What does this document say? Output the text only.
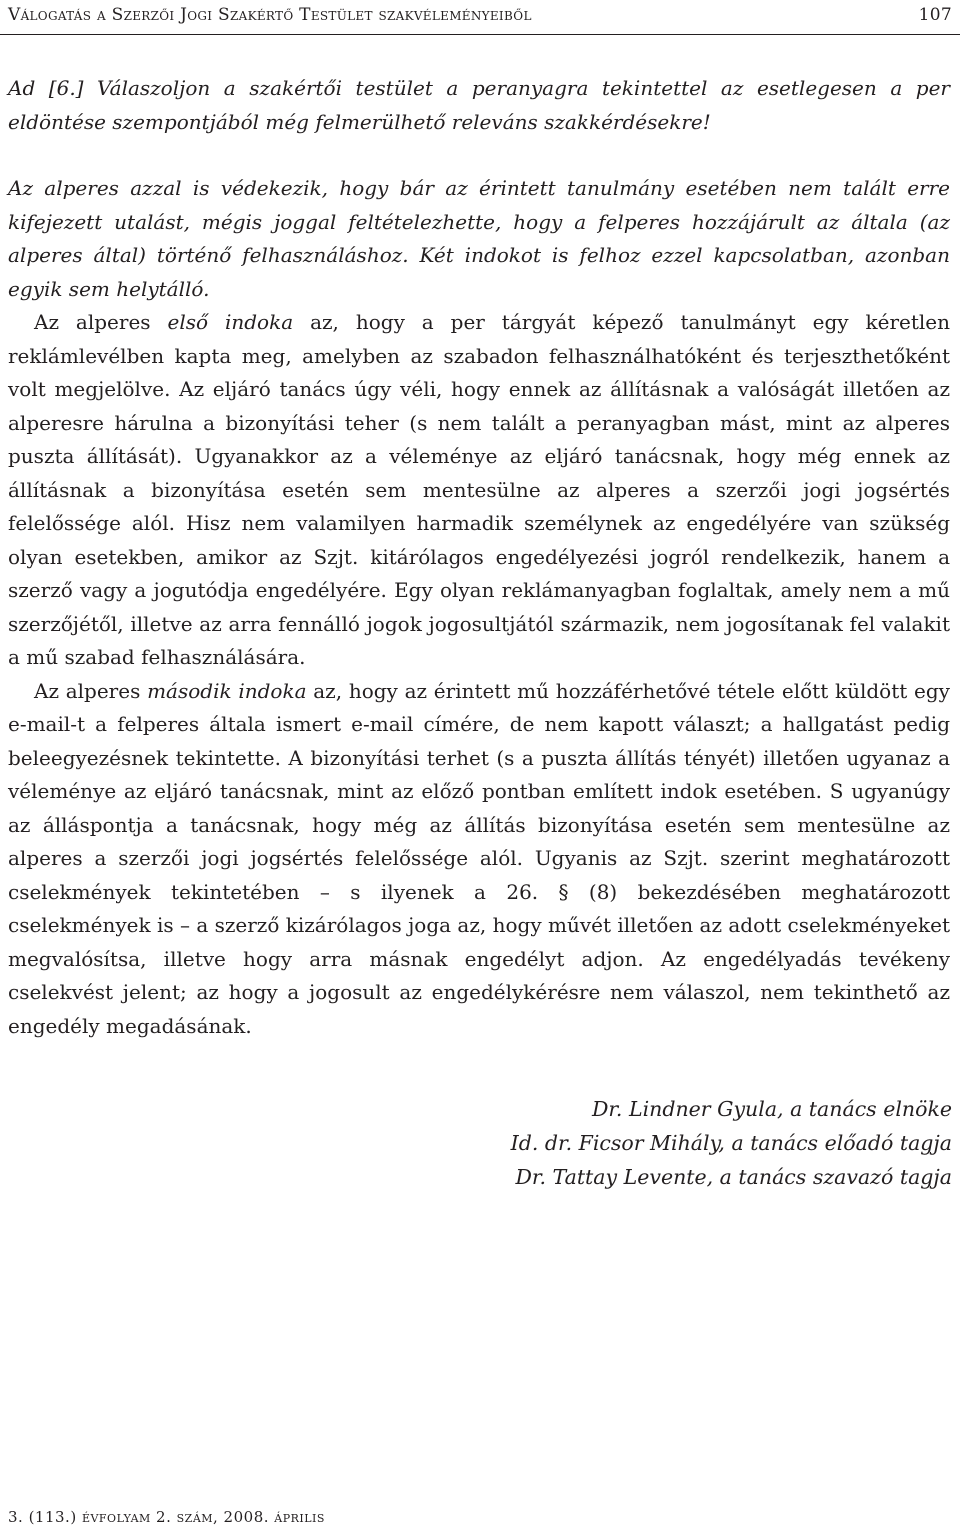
Válogatás a Szerzői Jogi Szakértő Testület szakvéleményeiből	107

Ad [6.] Válaszoljon a szakértői testület a peranyagra tekintettel az esetlegesen a per eldöntése szempontjából még felmerülhető releváns szakkérdésekre!

Az alperes azzal is védekezik, hogy bár az érintett tanulmány esetében nem talált erre kifejezett utalást, mégis joggal feltételezhette, hogy a felperes hozzájárult az általa (az alperes által) történő felhasználáshoz. Két indokot is felhoz ezzel kapcsolatban, azonban egyik sem helytálló.

Az alperes első indoka az, hogy a per tárgyát képező tanulmányt egy kéretlen reklámlevélben kapta meg, amelyben az szabadon felhasználhatóként és terjeszthetőként volt megjelölve. Az eljáró tanács úgy véli, hogy ennek az állításnak a valóságát illetően az alperesre hárulna a bizonyítási teher (s nem talált a peranyagban mást, mint az alperes puszta állítását). Ugyanakkor az a véleménye az eljáró tanácsnak, hogy még ennek az állításnak a bizonyítása esetén sem mentesülne az alperes a szerzői jogi jogsértés felelőssége alól. Hisz nem valamilyen harmadik személynek az engedélyére van szükség olyan esetekben, amikor az Szjt. kitárólagos engedélyezési jogról rendelkezik, hanem a szerző vagy a jogutódja engedélyére. Egy olyan reklámanyagban foglaltak, amely nem a mű szerzőjétől, illetve az arra fennálló jogok jogosultjától származik, nem jogosítanak fel valakit a mű szabad felhasználására.

Az alperes második indoka az, hogy az érintett mű hozzáférhetővé tétele előtt küldött egy e-mail-t a felperes általa ismert e-mail címére, de nem kapott választ; a hallgatást pedig beleegyezésnek tekintette. A bizonyítási terhet (s a puszta állítás tényét) illetően ugyanaz a véleménye az eljáró tanácsnak, mint az előző pontban említett indok esetében. S ugyanúgy az álláspontja a tanácsnak, hogy még az állítás bizonyítása esetén sem mentesülne az alperes a szerzői jogi jogsértés felelőssége alól. Ugyanis az Szjt. szerint meghatározott cselekmények tekintetében – s ilyenek a 26. § (8) bekezdésében meghatározott cselekmények is – a szerző kizárólagos joga az, hogy művét illetően az adott cselekményeket megvalósítsa, illetve hogy arra másnak engedélyt adjon. Az engedélyadás tevékeny cselekvést jelent; az hogy a jogosult az engedélykérésre nem válaszol, nem tekinthető az engedély megadásának.

Dr. Lindner Gyula, a tanács elnöke
Id. dr. Ficsor Mihály, a tanács előadó tagja
Dr. Tattay Levente, a tanács szavazó tagja
3. (113.) évfolyam 2. szám, 2008. április
